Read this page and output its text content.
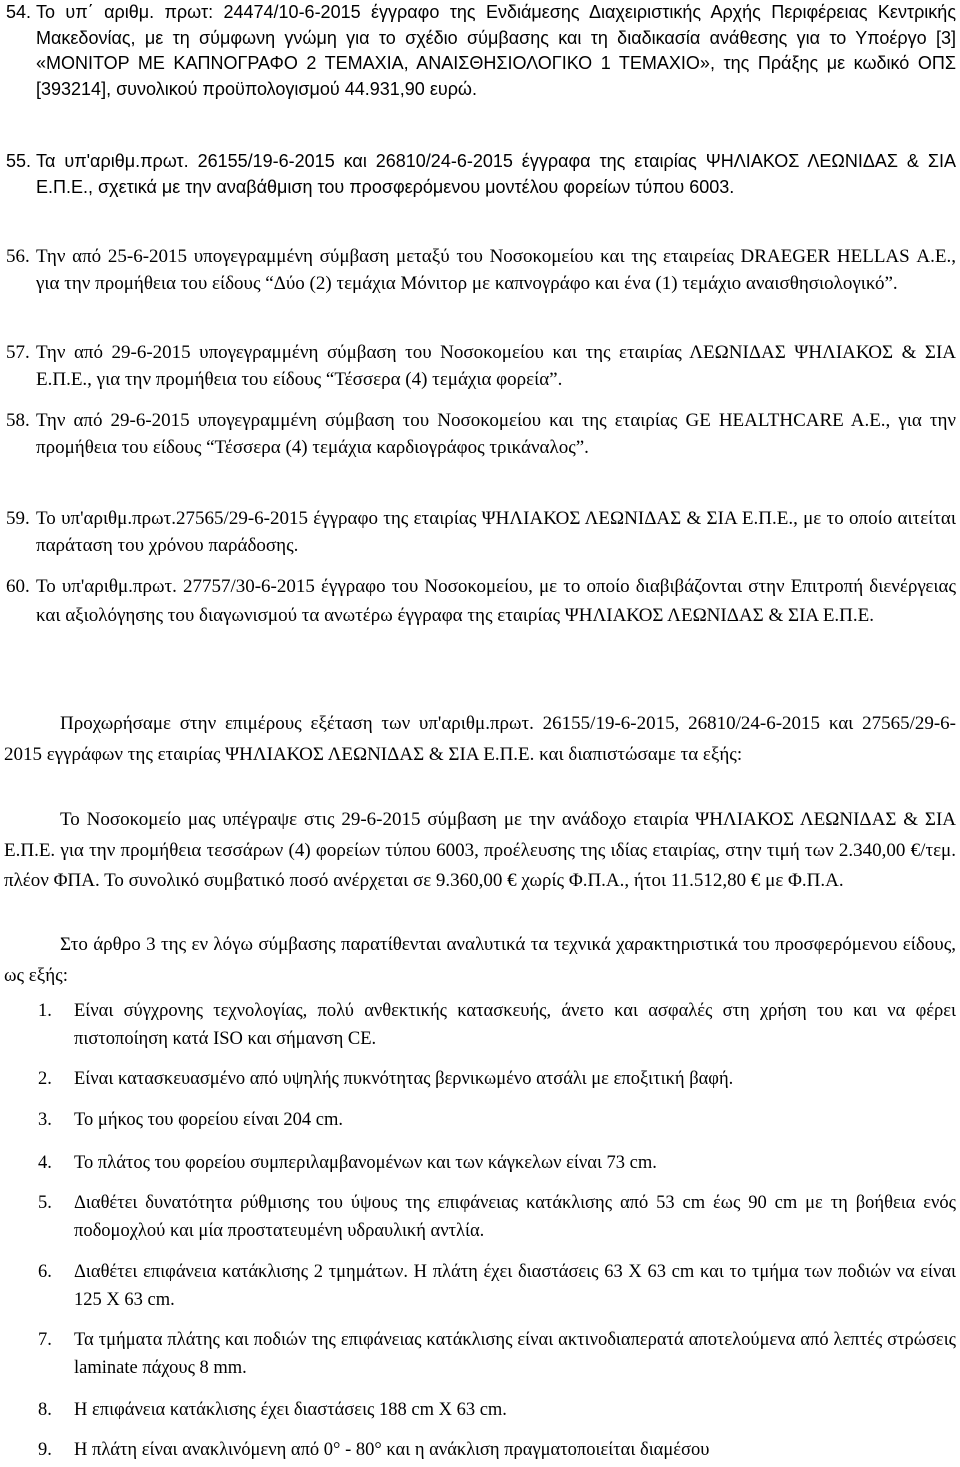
54. Το υπ΄ αριθμ. πρωτ: 24474/10-6-2015 έγγραφο της Ενδιάμεσης Διαχειριστικής Αρχής Περιφέρειας Κεντρικής Μακεδονίας, με τη σύμφωνη γνώμη για το σχέδιο σύμβασης και τη διαδικασία ανάθεσης για το Υποέργο [3] «ΜΟΝΙΤΟΡ ΜΕ ΚΑΠΝΟΓΡΑΦΟ 2 ΤΕΜΑΧΙΑ, ΑΝΑΙΣΘΗΣΙΟΛΟΓΙΚΟ 1 ΤΕΜΑΧΙΟ», της Πράξης με κωδικό ΟΠΣ [393214], συνολικού προϋπολογισμού 44.931,90 ευρώ.
55. Τα υπ'αριθμ.πρωτ. 26155/19-6-2015 και 26810/24-6-2015 έγγραφα της εταιρίας ΨΗΛΙΑΚΟΣ ΛΕΩΝΙΔΑΣ & ΣΙΑ Ε.Π.Ε., σχετικά με την αναβάθμιση του προσφερόμενου μοντέλου φορείων τύπου 6003.
56. Την από 25-6-2015 υπογεγραμμένη σύμβαση μεταξύ του Νοσοκομείου και της εταιρείας DRAEGER HELLAS Α.Ε., για την προμήθεια του είδους “Δύο (2) τεμάχια Μόνιτορ με καπνογράφο και ένα (1) τεμάχιο αναισθησιολογικό”.
57. Την από 29-6-2015 υπογεγραμμένη σύμβαση του Νοσοκομείου και της εταιρίας ΛΕΩΝΙΔΑΣ ΨΗΛΙΑΚΟΣ & ΣΙΑ Ε.Π.Ε., για την προμήθεια του είδους “Τέσσερα (4) τεμάχια φορεία”.
58. Την από 29-6-2015 υπογεγραμμένη σύμβαση του Νοσοκομείου και της εταιρίας GE HEALTHCARE A.E., για την προμήθεια του είδους “Τέσσερα (4) τεμάχια καρδιογράφος τρικάναλος”.
59. Το υπ'αριθμ.πρωτ.27565/29-6-2015 έγγραφο της εταιρίας ΨΗΛΙΑΚΟΣ ΛΕΩΝΙΔΑΣ & ΣΙΑ Ε.Π.Ε., με το οποίο αιτείται παράταση του χρόνου παράδοσης.
60. Το υπ'αριθμ.πρωτ. 27757/30-6-2015 έγγραφο του Νοσοκομείου, με το οποίο διαβιβάζονται στην Επιτροπή διενέργειας και αξιολόγησης του διαγωνισμού τα ανωτέρω έγγραφα της εταιρίας ΨΗΛΙΑΚΟΣ ΛΕΩΝΙΔΑΣ & ΣΙΑ Ε.Π.Ε.
Προχωρήσαμε στην επιμέρους εξέταση των υπ'αριθμ.πρωτ. 26155/19-6-2015, 26810/24-6-2015 και 27565/29-6-2015 εγγράφων της εταιρίας ΨΗΛΙΑΚΟΣ ΛΕΩΝΙΔΑΣ & ΣΙΑ Ε.Π.Ε. και διαπιστώσαμε τα εξής:
Το Νοσοκομείο μας υπέγραψε στις 29-6-2015 σύμβαση με την ανάδοχο εταιρία ΨΗΛΙΑΚΟΣ ΛΕΩΝΙΔΑΣ & ΣΙΑ Ε.Π.Ε. για την προμήθεια τεσσάρων (4) φορείων τύπου 6003, προέλευσης της ιδίας εταιρίας, στην τιμή των 2.340,00 €/τεμ. πλέον ΦΠΑ. Το συνολικό συμβατικό ποσό ανέρχεται σε 9.360,00 € χωρίς Φ.Π.Α., ήτοι 11.512,80 € με Φ.Π.Α.
Στο άρθρο 3 της εν λόγω σύμβασης παρατίθενται αναλυτικά τα τεχνικά χαρακτηριστικά του προσφερόμενου είδους, ως εξής:
1. Είναι σύγχρονης τεχνολογίας, πολύ ανθεκτικής κατασκευής, άνετο και ασφαλές στη χρήση του και να φέρει πιστοποίηση κατά ISO και σήμανση CE.
2. Είναι κατασκευασμένο από υψηλής πυκνότητας βερνικωμένο ατσάλι με εποξιτική βαφή.
3. Το μήκος του φορείου είναι 204 cm.
4. Το πλάτος του φορείου συμπεριλαμβανομένων και των κάγκελων είναι 73 cm.
5. Διαθέτει δυνατότητα ρύθμισης του ύψους της επιφάνειας κατάκλισης από 53 cm έως 90 cm με τη βοήθεια ενός ποδομοχλού και μία προστατευμένη υδραυλική αντλία.
6. Διαθέτει επιφάνεια κατάκλισης 2 τμημάτων. Η πλάτη έχει διαστάσεις 63 Χ 63 cm και το τμήμα των ποδιών να είναι 125 X 63 cm.
7. Τα τμήματα πλάτης και ποδιών της επιφάνειας κατάκλισης είναι ακτινοδιαπερατά αποτελούμενα από λεπτές στρώσεις laminate πάχους 8 mm.
8. Η επιφάνεια κατάκλισης έχει διαστάσεις 188 cm X 63 cm.
9. Η πλάτη είναι ανακλινόμενη από 0° - 80° και η ανάκλιση πραγματοποιείται διαμέσου
